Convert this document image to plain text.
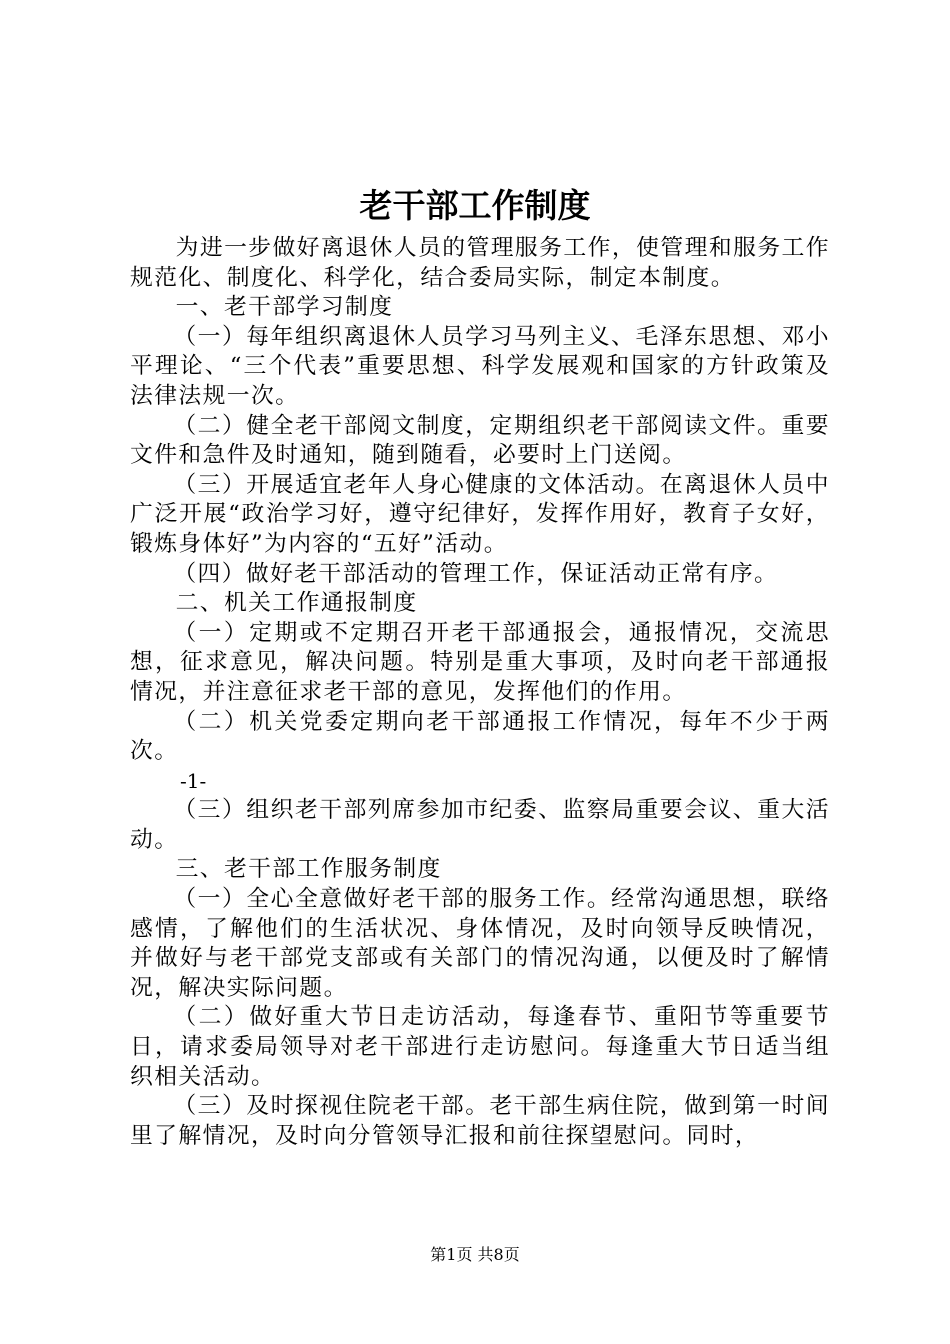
老干部工作制度

为进一步做好离退休人员的管理服务工作，使管理和服务工作规范化、制度化、科学化，结合委局实际，制定本制度。

一、老干部学习制度

（一）每年组织离退休人员学习马列主义、毛泽东思想、邓小平理论、“三个代表”重要思想、科学发展观和国家的方针政策及法律法规一次。

（二）健全老干部阅文制度，定期组织老干部阅读文件。重要文件和急件及时通知，随到随看，必要时上门送阅。

（三）开展适宜老年人身心健康的文体活动。在离退休人员中广泛开展“政治学习好，遵守纪律好，发挥作用好，教育子女好，锻炼身体好”为内容的“五好”活动。

（四）做好老干部活动的管理工作，保证活动正常有序。

二、机关工作通报制度

（一）定期或不定期召开老干部通报会，通报情况，交流思想，征求意见，解决问题。特别是重大事项，及时向老干部通报情况，并注意征求老干部的意见，发挥他们的作用。

（二）机关党委定期向老干部通报工作情况，每年不少于两次。

-1-

（三）组织老干部列席参加市纪委、监察局重要会议、重大活动。

三、老干部工作服务制度

（一）全心全意做好老干部的服务工作。经常沟通思想，联络感情，了解他们的生活状况、身体情况，及时向领导反映情况，并做好与老干部党支部或有关部门的情况沟通，以便及时了解情况，解决实际问题。

（二）做好重大节日走访活动，每逢春节、重阳节等重要节日，请求委局领导对老干部进行走访慰问。每逢重大节日适当组织相关活动。

（三）及时探视住院老干部。老干部生病住院，做到第一时间里了解情况，及时向分管领导汇报和前往探望慰问。同时，

第1页 共8页
